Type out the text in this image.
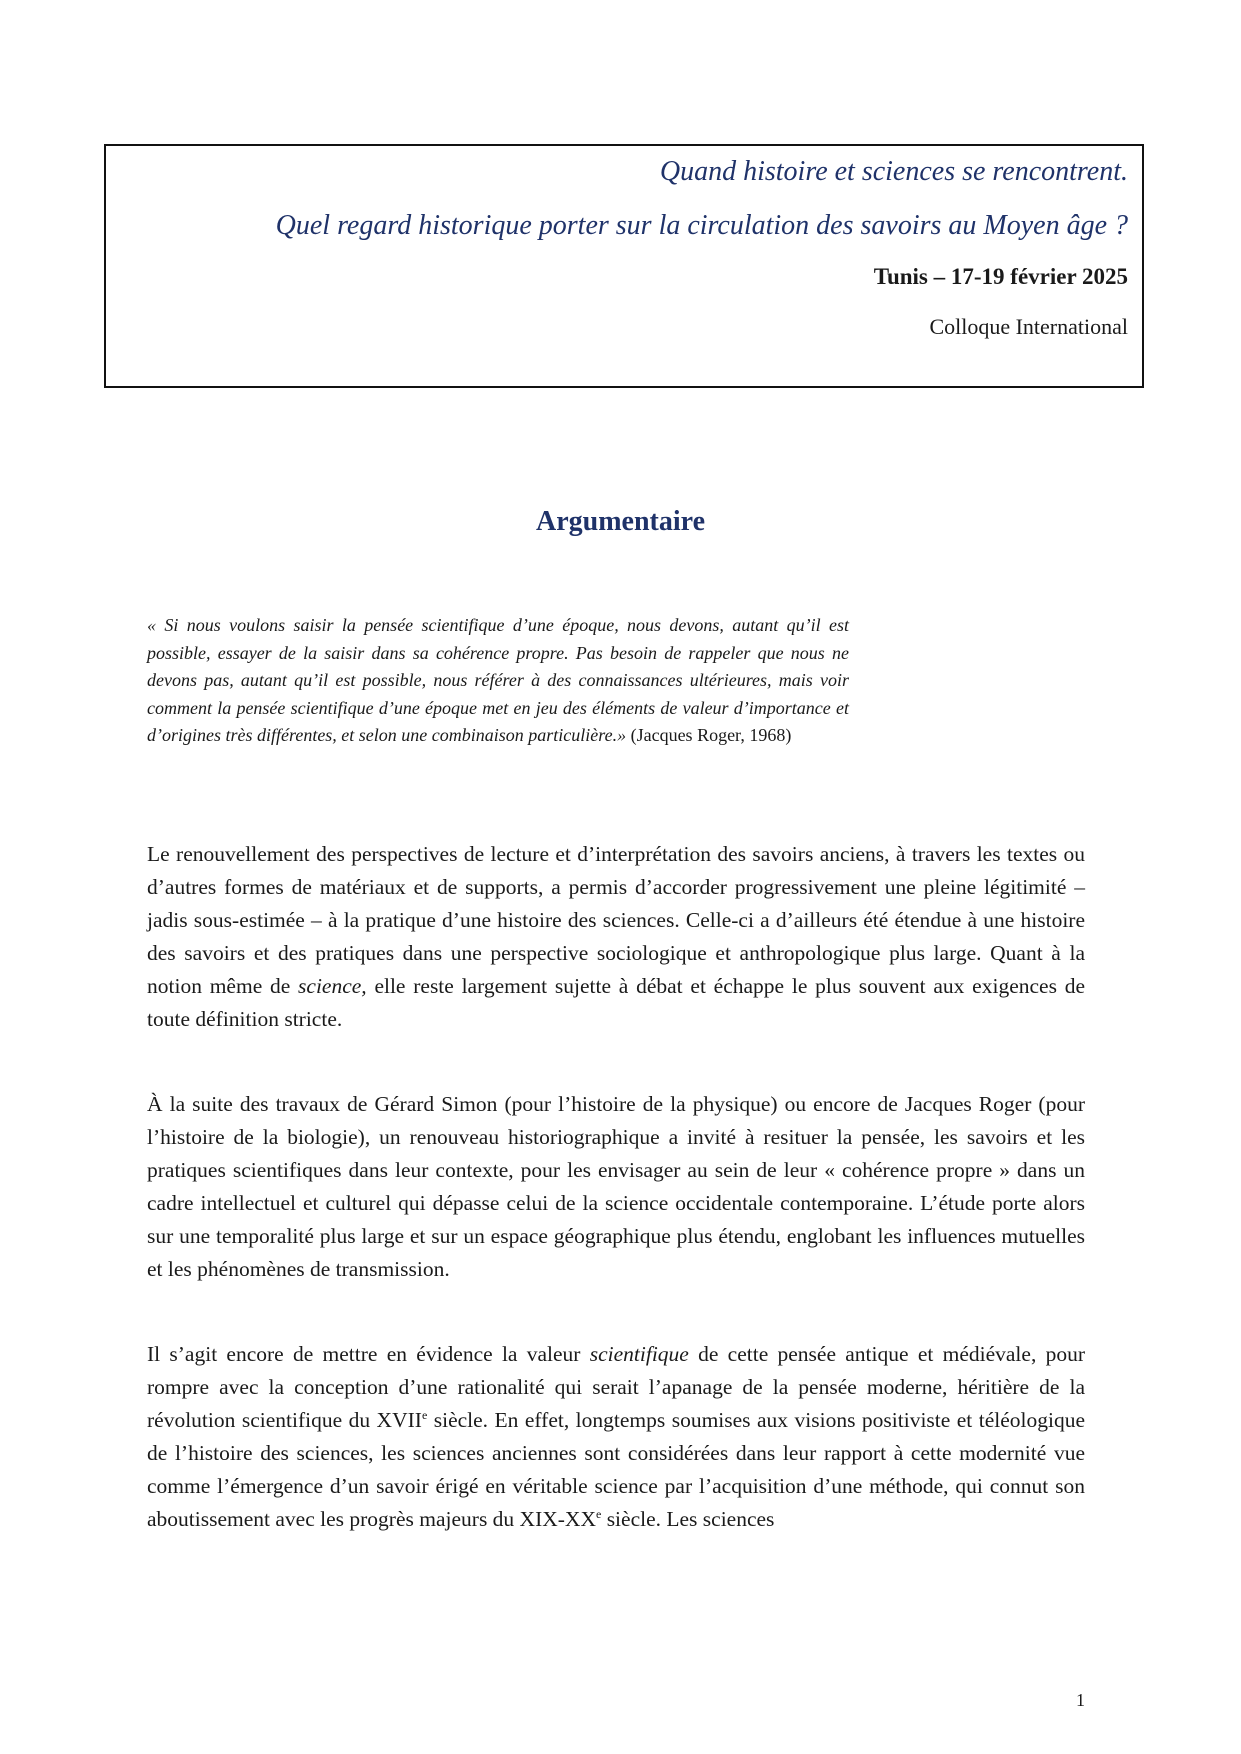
Quand histoire et sciences se rencontrent.
Quel regard historique porter sur la circulation des savoirs au Moyen âge ?

Tunis – 17-19 février 2025

Colloque International

Argumentaire

« Si nous voulons saisir la pensée scientifique d’une époque, nous devons, autant qu’il est possible, essayer de la saisir dans sa cohérence propre. Pas besoin de rappeler que nous ne devons pas, autant qu’il est possible, nous référer à des connaissances ultérieures, mais voir comment la pensée scientifique d’une époque met en jeu des éléments de valeur d’importance et d’origines très différentes, et selon une combinaison particulière.» (Jacques Roger, 1968)

Le renouvellement des perspectives de lecture et d’interprétation des savoirs anciens, à travers les textes ou d’autres formes de matériaux et de supports, a permis d’accorder progressivement une pleine légitimité – jadis sous-estimée – à la pratique d’une histoire des sciences. Celle-ci a d’ailleurs été étendue à une histoire des savoirs et des pratiques dans une perspective sociologique et anthropologique plus large. Quant à la notion même de science, elle reste largement sujette à débat et échappe le plus souvent aux exigences de toute définition stricte.

À la suite des travaux de Gérard Simon (pour l’histoire de la physique) ou encore de Jacques Roger (pour l’histoire de la biologie), un renouveau historiographique a invité à resituer la pensée, les savoirs et les pratiques scientifiques dans leur contexte, pour les envisager au sein de leur « cohérence propre » dans un cadre intellectuel et culturel qui dépasse celui de la science occidentale contemporaine. L’étude porte alors sur une temporalité plus large et sur un espace géographique plus étendu, englobant les influences mutuelles et les phénomènes de transmission.

Il s’agit encore de mettre en évidence la valeur scientifique de cette pensée antique et médiévale, pour rompre avec la conception d’une rationalité qui serait l’apanage de la pensée moderne, héritière de la révolution scientifique du XVIIe siècle. En effet, longtemps soumises aux visions positiviste et téléologique de l’histoire des sciences, les sciences anciennes sont considérées dans leur rapport à cette modernité vue comme l’émergence d’un savoir érigé en véritable science par l’acquisition d’une méthode, qui connut son aboutissement avec les progrès majeurs du XIX-XXe siècle. Les sciences

1
